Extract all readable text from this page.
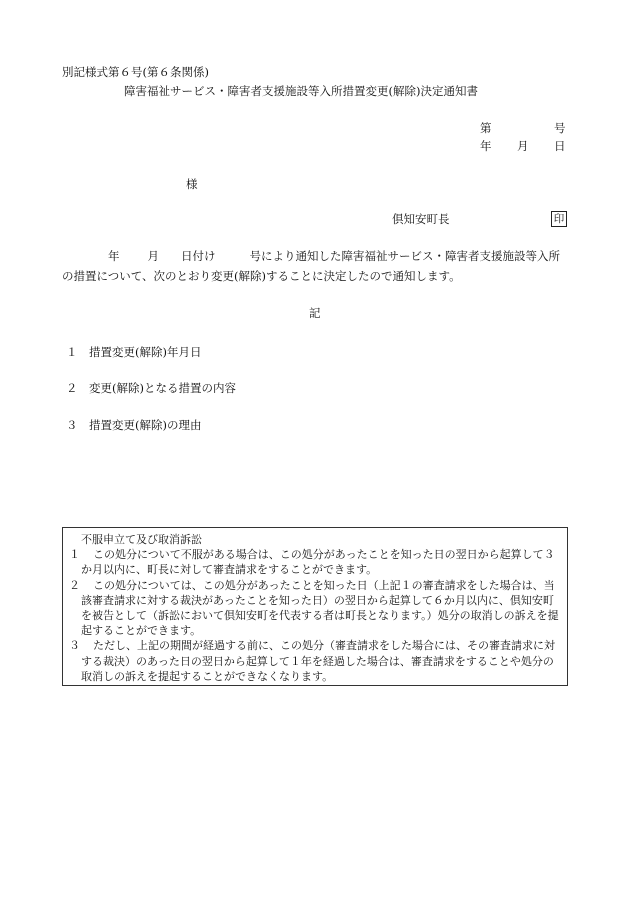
別記様式第６号(第６条関係)
障害福祉サービス・障害者支援施設等入所措置変更(解除)決定通知書
第	号
年 月 日
様
倶知安町長	印
年 月 日付け	号により通知した障害福祉サービス・障害者支援施設等入所の措置について、次のとおり変更(解除)することに決定したので通知します。
記
１ 措置変更(解除)年月日
２ 変更(解除)となる措置の内容
３ 措置変更(解除)の理由
不服申立て及び取消訴訟
１ この処分について不服がある場合は、この処分があったことを知った日の翌日から起算して３か月以内に、町長に対して審査請求をすることができます。
２ この処分については、この処分があったことを知った日（上記１の審査請求をした場合は、当該審査請求に対する裁決があったことを知った日）の翌日から起算して６か月以内に、倶知安町を被告として（訴訟において倶知安町を代表する者は町長となります。）処分の取消しの訴えを提起することができます。
３ ただし、上記の期間が経過する前に、この処分（審査請求をした場合には、その審査請求に対する裁決）のあった日の翌日から起算して１年を経過した場合は、審査請求をすることや処分の取消しの訴えを提起することができなくなります。
